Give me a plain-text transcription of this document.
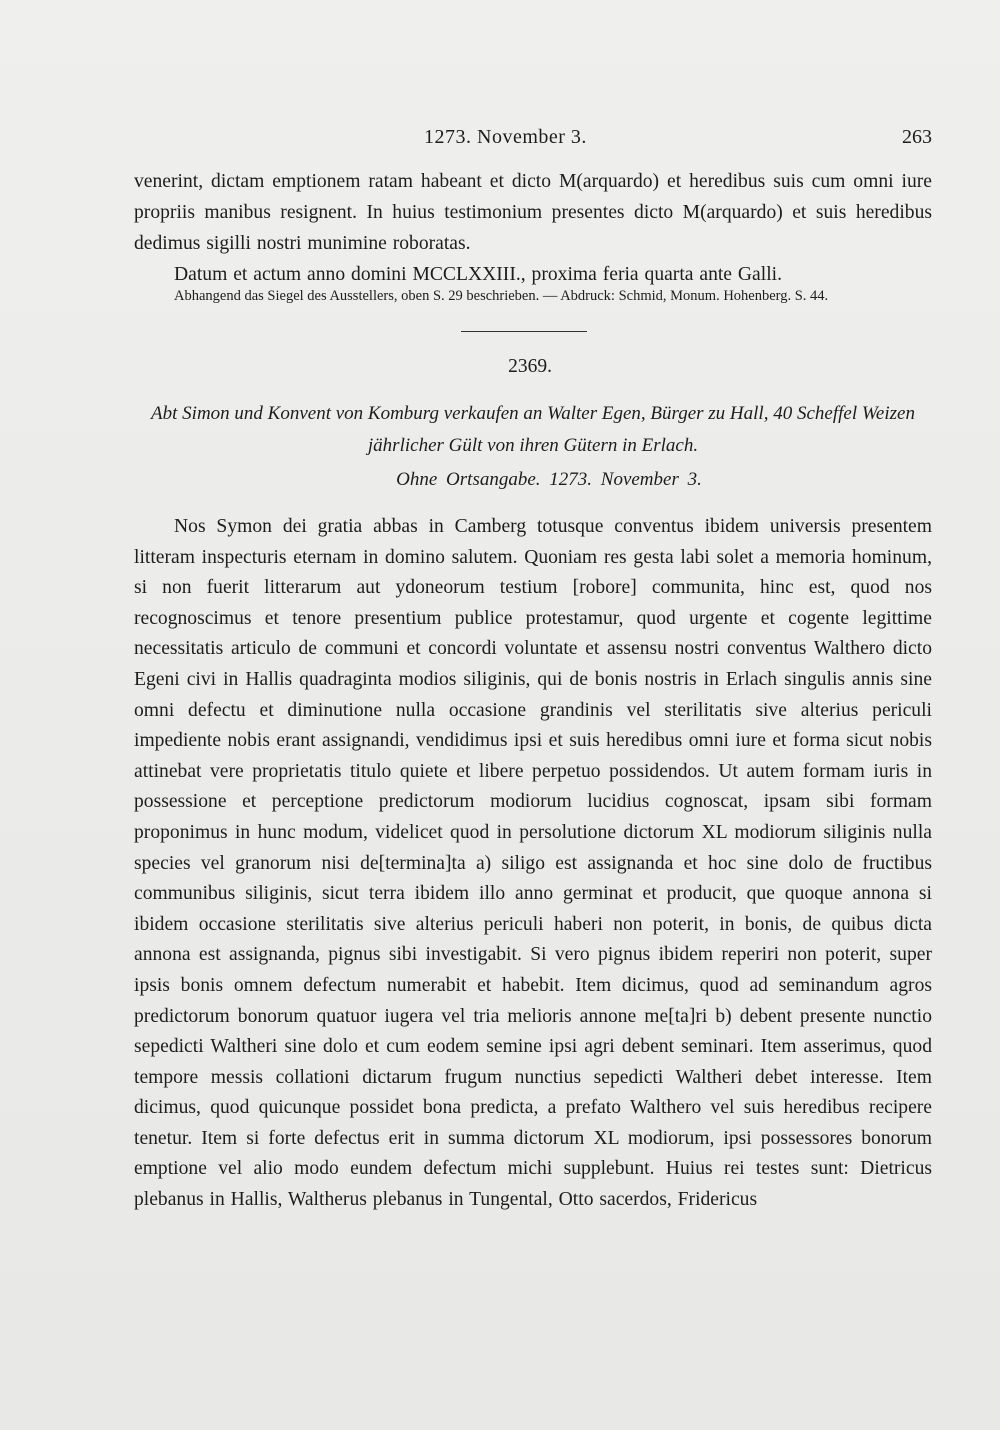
1273. November 3.	263

venerint, dictam emptionem ratam habeant et dicto M(arquardo) et heredibus suis cum omni iure propriis manibus resignent. In huius testimonium presentes dicto M(arquardo) et suis heredibus dedimus sigilli nostri munimine roboratas.

Datum et actum anno domini MCCLXXIII., proxima feria quarta ante Galli.

Abhangend das Siegel des Ausstellers, oben S. 29 beschrieben. — Abdruck: Schmid, Monum. Hohenberg. S. 44.
2369.
Abt Simon und Konvent von Komburg verkaufen an Walter Egen, Bürger zu Hall, 40 Scheffel Weizen jährlicher Gült von ihren Gütern in Erlach.
Ohne Ortsangabe. 1273. November 3.

Nos Symon dei gratia abbas in Camberg totusque conventus ibidem universis presentem litteram inspecturis eternam in domino salutem. Quoniam res gesta labi solet a memoria hominum, si non fuerit litterarum aut ydoneorum testium [robore] communita, hinc est, quod nos recognoscimus et tenore presentium publice protestamur, quod urgente et cogente legittime necessitatis articulo de communi et concordi voluntate et assensu nostri conventus Walthero dicto Egeni civi in Hallis quadraginta modios siliginis, qui de bonis nostris in Erlach singulis annis sine omni defectu et diminutione nulla occasione grandinis vel sterilitatis sive alterius periculi impediente nobis erant assignandi, vendidimus ipsi et suis heredibus omni iure et forma sicut nobis attinebat vere proprietatis titulo quiete et libere perpetuo possidendos. Ut autem formam iuris in possessione et perceptione predictorum modiorum lucidius cognoscat, ipsam sibi formam proponimus in hunc modum, videlicet quod in persolutione dictorum XL modiorum siliginis nulla species vel granorum nisi de[termina]ta a) siligo est assignanda et hoc sine dolo de fructibus communibus siliginis, sicut terra ibidem illo anno germinat et producit, que quoque annona si ibidem occasione sterilitatis sive alterius periculi haberi non poterit, in bonis, de quibus dicta annona est assignanda, pignus sibi investigabit. Si vero pignus ibidem reperiri non poterit, super ipsis bonis omnem defectum numerabit et habebit. Item dicimus, quod ad seminandum agros predictorum bonorum quatuor iugera vel tria melioris annone me[ta]ri b) debent presente nunctio sepedicti Waltheri sine dolo et cum eodem semine ipsi agri debent seminari. Item asserimus, quod tempore messis collationi dictarum frugum nunctius sepedicti Waltheri debet interesse. Item dicimus, quod quicunque possidet bona predicta, a prefato Walthero vel suis heredibus recipere tenetur. Item si forte defectus erit in summa dictorum XL modiorum, ipsi possessores bonorum emptione vel alio modo eundem defectum michi supplebunt. Huius rei testes sunt: Dietricus plebanus in Hallis, Waltherus plebanus in Tungental, Otto sacerdos, Fridericus
